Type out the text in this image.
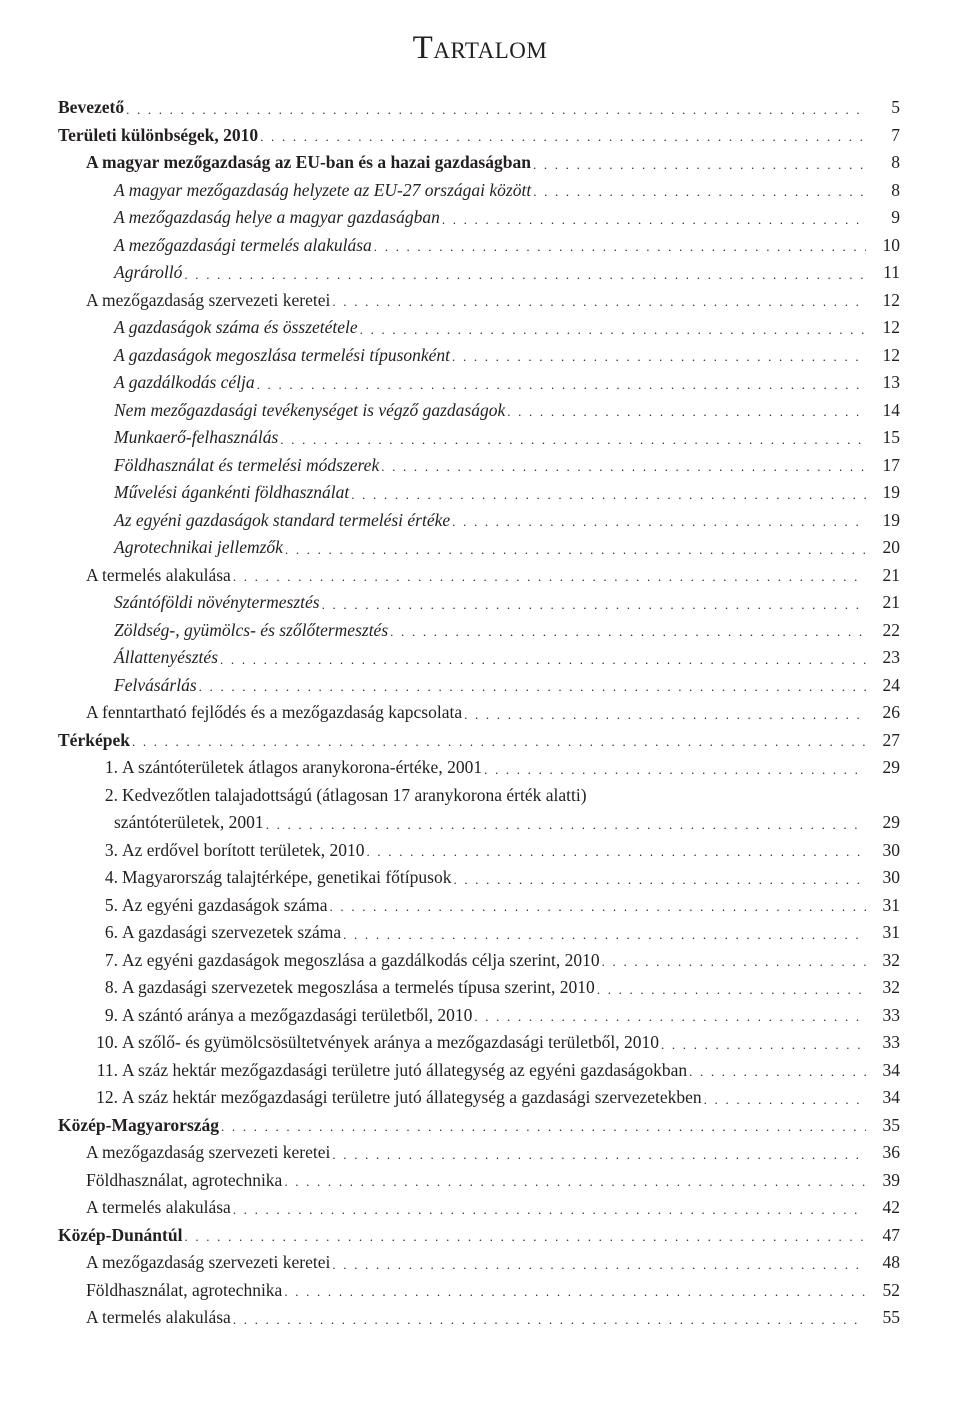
Tartalom
Bevezető . . .	5
Területi különbségek, 2010 . . .	7
A magyar mezőgazdaság az EU-ban és a hazai gazdaságban . . .	8
A magyar mezőgazdaság helyzete az EU-27 országai között . . .	8
A mezőgazdaság helye a magyar gazdaságban . . .	9
A mezőgazdasági termelés alakulása . . .	10
Agrárolló . . .	11
A mezőgazdaság szervezeti keretei . . .	12
A gazdaságok száma és összetétele . . .	12
A gazdaságok megoszlása termelési típusonként . . .	12
A gazdálkodás célja . . .	13
Nem mezőgazdasági tevékenységet is végző gazdaságok . . .	14
Munkaerő-felhasználás . . .	15
Földhasználat és termelési módszerek . . .	17
Művelési ágankénti földhasználat . . .	19
Az egyéni gazdaságok standard termelési értéke . . .	19
Agrotechnikai jellemzők . . .	20
A termelés alakulása . . .	21
Szántóföldi növénytermesztés . . .	21
Zöldség-, gyümölcs- és szőlőtermesztés . . .	22
Állattenyésztés . . .	23
Felvásárlás . . .	24
A fenntartható fejlődés és a mezőgazdaság kapcsolata . . .	26
Térképek . . .	27
1. A szántóterületek átlagos aranykorona-értéke, 2001 . . .	29
2. Kedvezőtlen talajadottságú (átlagosan 17 aranykorona érték alatti)
szántóterületek, 2001 . . .	29
3. Az erdővel borított területek, 2010 . . .	30
4. Magyarország talajtérképe, genetikai főtípusok . . .	30
5. Az egyéni gazdaságok száma . . .	31
6. A gazdasági szervezetek száma . . .	31
7. Az egyéni gazdaságok megoszlása a gazdálkodás célja szerint, 2010 . . .	32
8. A gazdasági szervezetek megoszlása a termelés típusa szerint, 2010 . . .	32
9. A szántó aránya a mezőgazdasági területből, 2010 . . .	33
10. A szőlő- és gyümölcsösültetvények aránya a mezőgazdasági területből, 2010 . . .	33
11. A száz hektár mezőgazdasági területre jutó állategység az egyéni gazdaságokban . . .	34
12. A száz hektár mezőgazdasági területre jutó állategység a gazdasági szervezetekben . . .	34
Közép-Magyarország . . .	35
A mezőgazdaság szervezeti keretei . . .	36
Földhasználat, agrotechnika . . .	39
A termelés alakulása . . .	42
Közép-Dunántúl . . .	47
A mezőgazdaság szervezeti keretei . . .	48
Földhasználat, agrotechnika . . .	52
A termelés alakulása . . .	55
